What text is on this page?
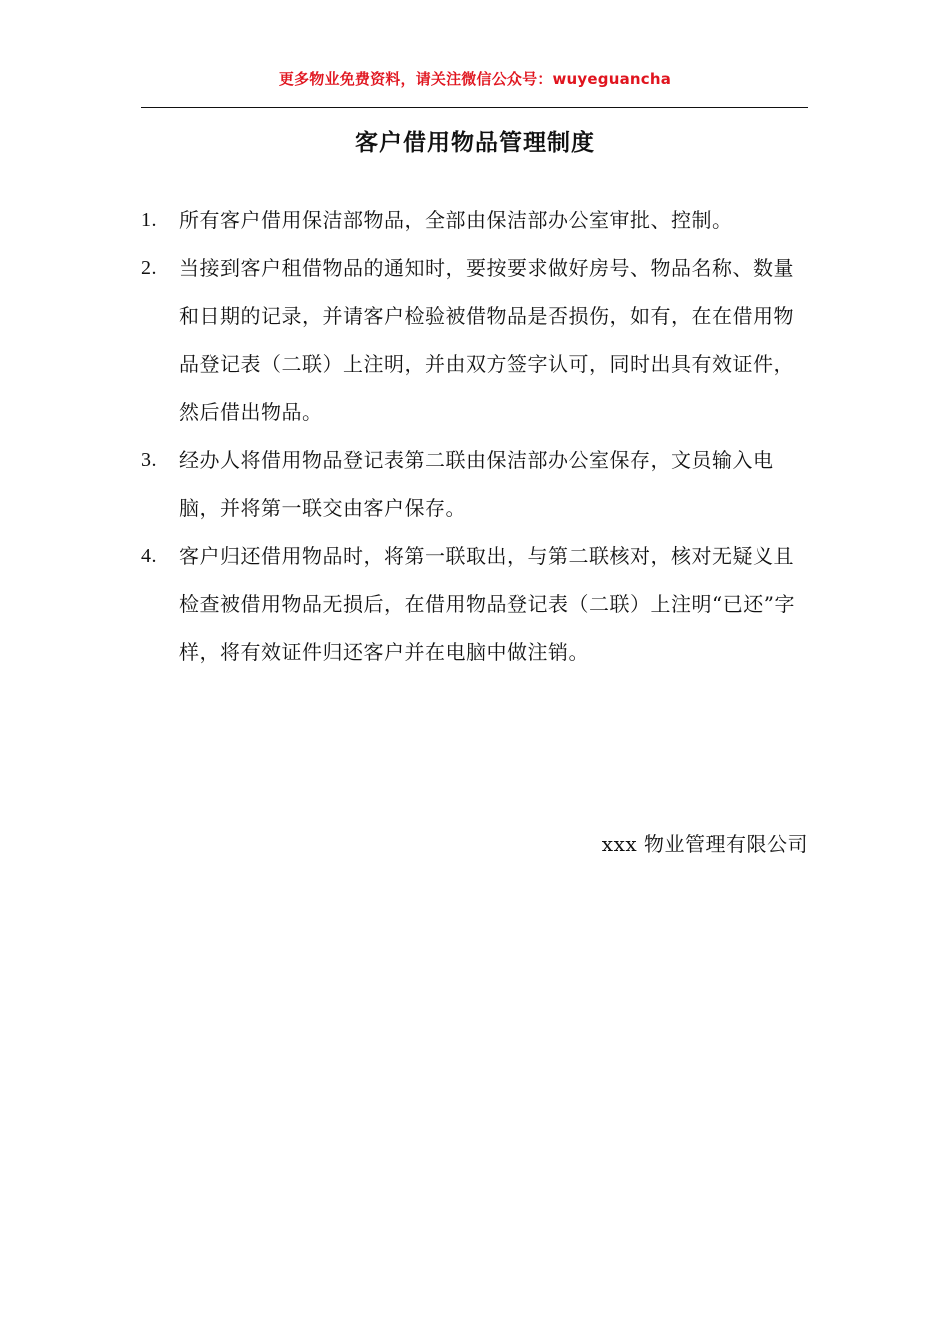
更多物业免费资料，请关注微信公众号：wuyeguancha
客户借用物品管理制度
1. 所有客户借用保洁部物品，全部由保洁部办公室审批、控制。
2. 当接到客户租借物品的通知时，要按要求做好房号、物品名称、数量和日期的记录，并请客户检验被借物品是否损伤，如有，在在借用物品登记表（二联）上注明，并由双方签字认可，同时出具有效证件，然后借出物品。
3. 经办人将借用物品登记表第二联由保洁部办公室保存，文员输入电脑，并将第一联交由客户保存。
4. 客户归还借用物品时，将第一联取出，与第二联核对，核对无疑义且检查被借用物品无损后，在借用物品登记表（二联）上注明“已还”字样，将有效证件归还客户并在电脑中做注销。
xxx 物业管理有限公司
